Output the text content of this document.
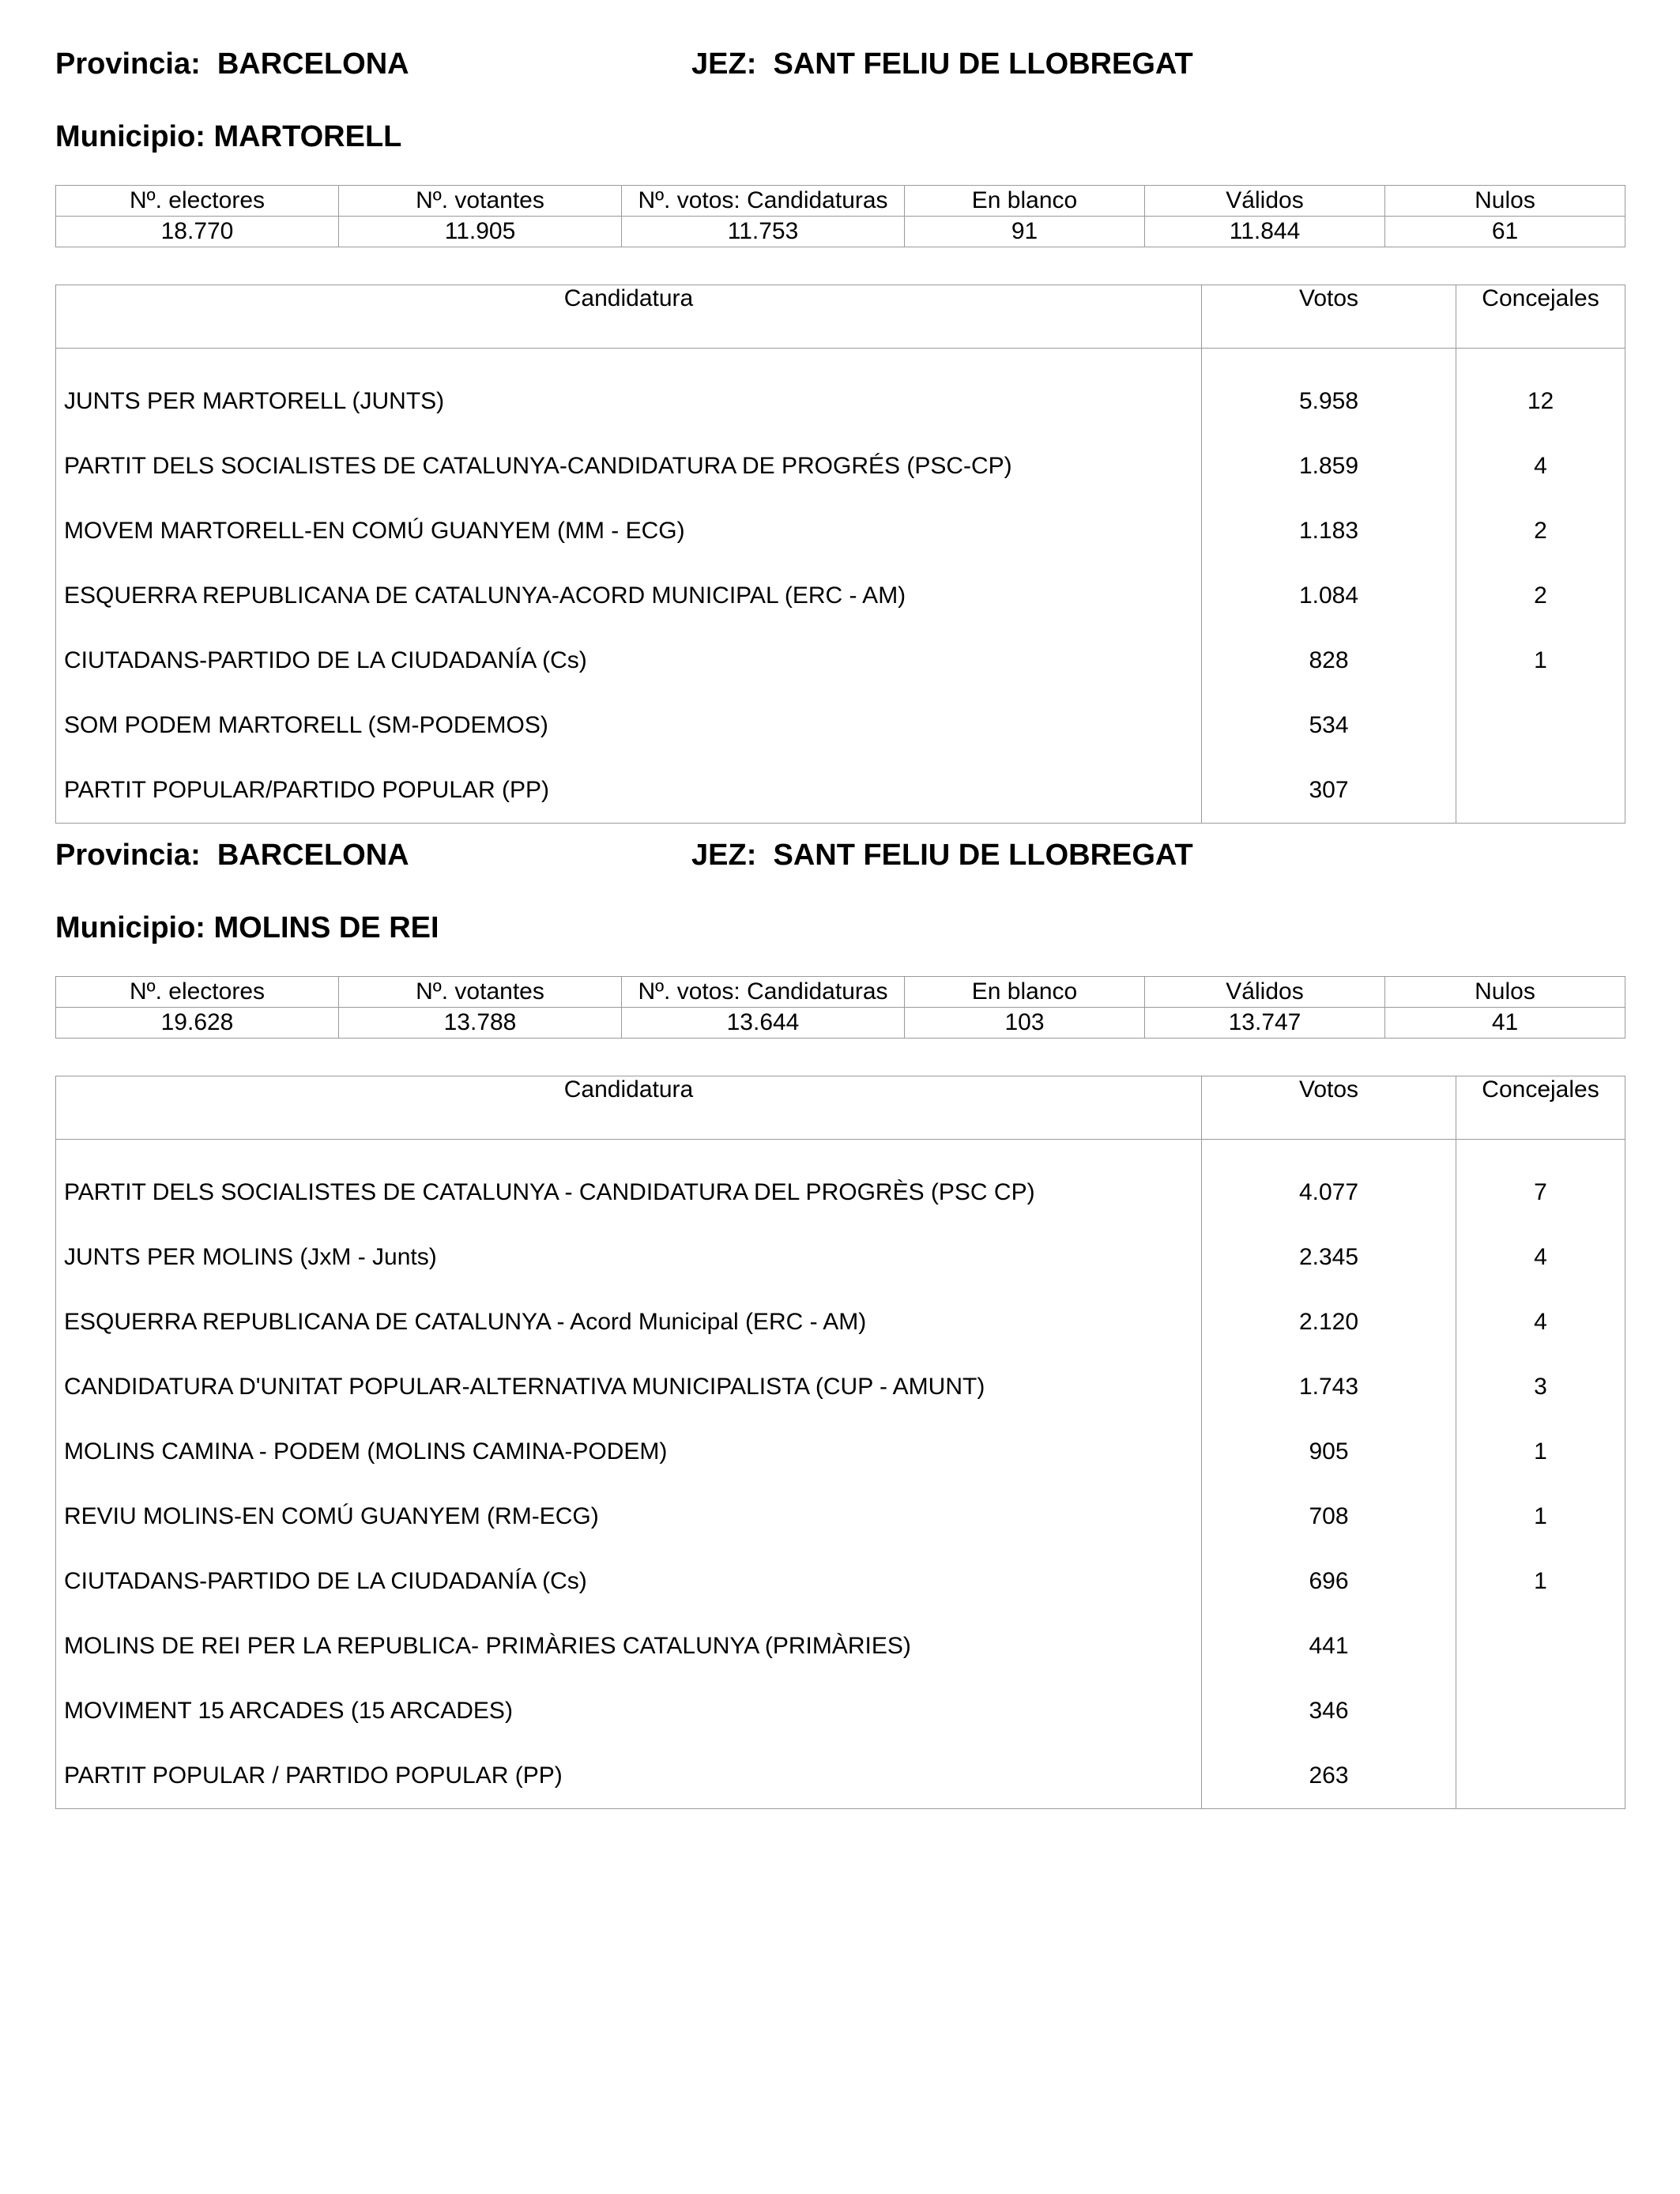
Provincia:  BARCELONA	JEZ:  SANT FELIU DE LLOBREGAT
Municipio: MARTORELL
Nº. electores	Nº. votantes	Nº. votos: Candidaturas	En blanco	Válidos	Nulos
18.770	11.905	11.753	91	11.844	61
Candidatura	Votos	Concejales
JUNTS PER MARTORELL (JUNTS)	5.958	12
PARTIT DELS SOCIALISTES DE CATALUNYA-CANDIDATURA DE PROGRÉS (PSC-CP)	1.859	4
MOVEM MARTORELL-EN COMÚ GUANYEM (MM - ECG)	1.183	2
ESQUERRA REPUBLICANA DE CATALUNYA-ACORD MUNICIPAL (ERC - AM)	1.084	2
CIUTADANS-PARTIDO DE LA CIUDADANÍA (Cs)	828	1
SOM PODEM MARTORELL (SM-PODEMOS)	534	
PARTIT POPULAR/PARTIDO POPULAR (PP)	307	
Provincia:  BARCELONA	JEZ:  SANT FELIU DE LLOBREGAT
Municipio: MOLINS DE REI
Nº. electores	Nº. votantes	Nº. votos: Candidaturas	En blanco	Válidos	Nulos
19.628	13.788	13.644	103	13.747	41
Candidatura	Votos	Concejales
PARTIT DELS SOCIALISTES DE CATALUNYA - CANDIDATURA DEL PROGRÈS (PSC CP)	4.077	7
JUNTS PER MOLINS (JxM - Junts)	2.345	4
ESQUERRA REPUBLICANA DE CATALUNYA - Acord Municipal (ERC - AM)	2.120	4
CANDIDATURA D'UNITAT POPULAR-ALTERNATIVA MUNICIPALISTA (CUP - AMUNT)	1.743	3
MOLINS CAMINA - PODEM (MOLINS CAMINA-PODEM)	905	1
REVIU MOLINS-EN COMÚ GUANYEM (RM-ECG)	708	1
CIUTADANS-PARTIDO DE LA CIUDADANÍA (Cs)	696	1
MOLINS DE REI PER LA REPUBLICA- PRIMÀRIES CATALUNYA (PRIMÀRIES)	441	
MOVIMENT 15 ARCADES (15 ARCADES)	346	
PARTIT POPULAR / PARTIDO POPULAR (PP)	263	
